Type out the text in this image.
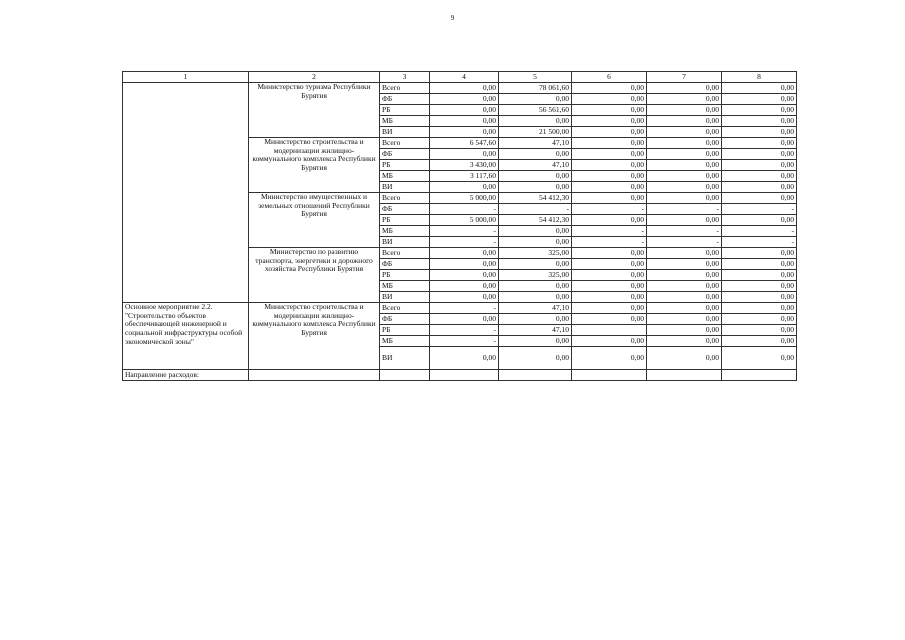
9
1	2	3	4	5	6	7	8
	Министерство туризма Республики Бурятия	Всего	0,00	78 061,60	0,00	0,00	0,00
		ФБ	0,00	0,00	0,00	0,00	0,00
		РБ	0,00	56 561,60	0,00	0,00	0,00
		МБ	0,00	0,00	0,00	0,00	0,00
		ВИ	0,00	21 500,00	0,00	0,00	0,00
	Министерство строительства и модернизации жилищно-коммунального комплекса Республики Бурятия	Всего	6 547,60	47,10	0,00	0,00	0,00
		ФБ	0,00	0,00	0,00	0,00	0,00
		РБ	3 430,00	47,10	0,00	0,00	0,00
		МБ	3 117,60	0,00	0,00	0,00	0,00
		ВИ	0,00	0,00	0,00	0,00	0,00
	Министерство имущественных и земельных отношений Республики Бурятия	Всего	5 000,00	54 412,30	0,00	0,00	0,00
		ФБ	-	-	-	-	-
		РБ	5 000,00	54 412,30	0,00	0,00	0,00
		МБ	-	0,00	-	-	-
		ВИ	-	0,00	-	-	-
	Министерство по развитию транспорта, энергетики и дорожного хозяйства Республики Бурятия	Всего	0,00	325,00	0,00	0,00	0,00
		ФБ	0,00	0,00	0,00	0,00	0,00
		РБ	0,00	325,00	0,00	0,00	0,00
		МБ	0,00	0,00	0,00	0,00	0,00
		ВИ	0,00	0,00	0,00	0,00	0,00
Основное мероприятие 2.2. "Строительство объектов обеспечивающей инженерной и социальной инфраструктуры особой экономической зоны"	Министерство строительства и модернизации жилищно-коммунального комплекса Республики Бурятия	Всего	-	47,10	0,00	0,00	0,00
		ФБ	0,00	0,00	0,00	0,00	0,00
		РБ	-	47,10		0,00	0,00
		МБ	-	0,00	0,00	0,00	0,00
		ВИ	0,00	0,00	0,00	0,00	0,00
Направление расходов:							
